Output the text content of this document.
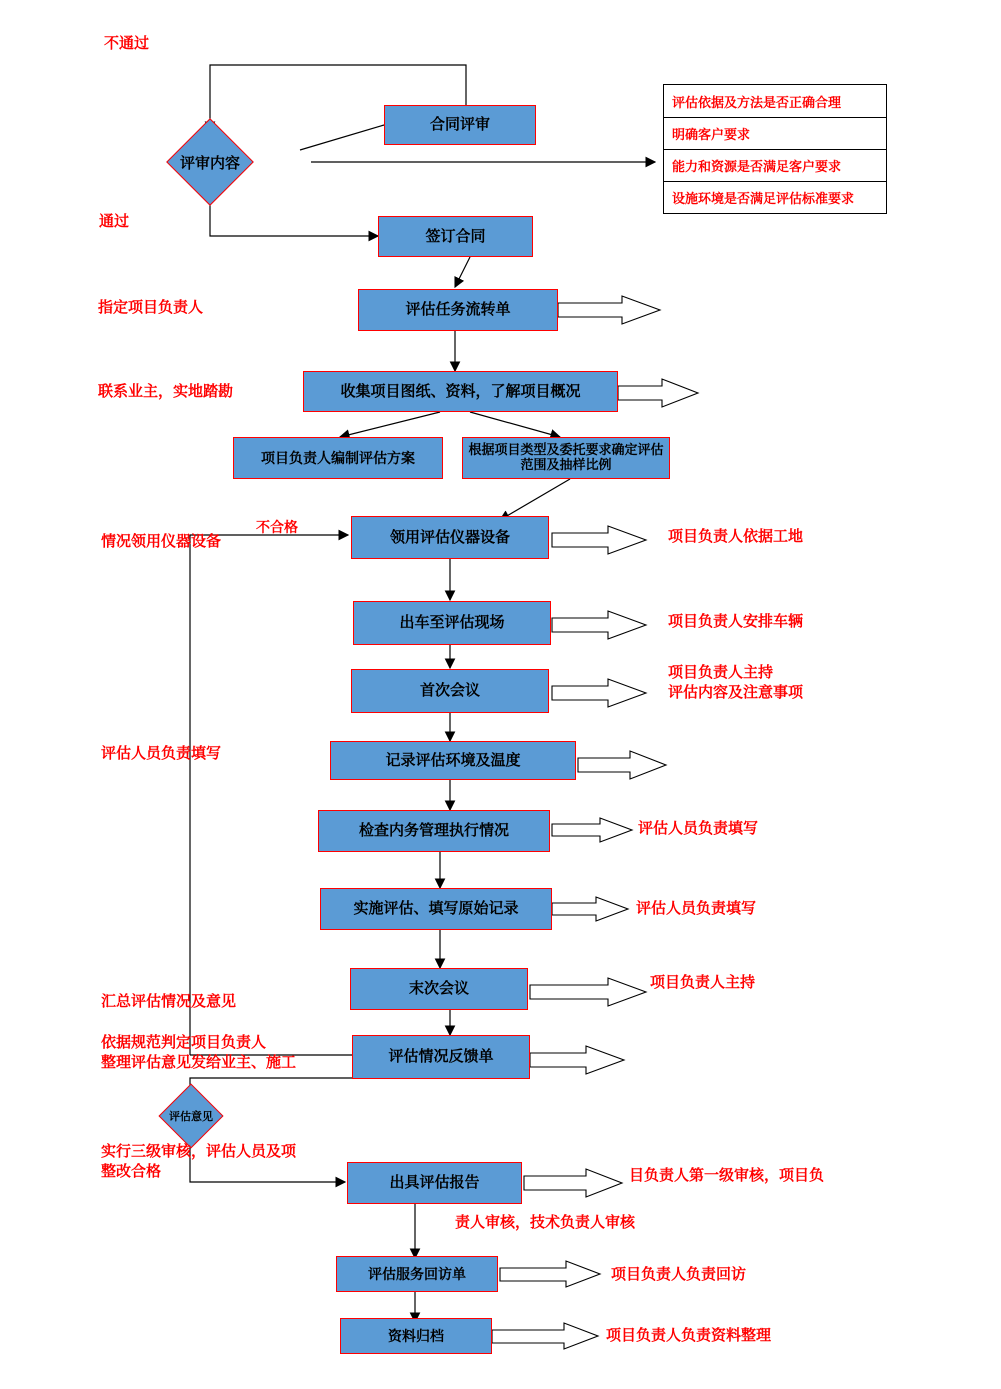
合同评审
签订合同
评估任务流转单
收集项目图纸、资料，了解项目概况
项目负责人编制评估方案
根据项目类型及委托要求确定评估范围及抽样比例
领用评估仪器设备
出车至评估现场
首次会议
记录评估环境及温度
检查内务管理执行情况
实施评估、填写原始记录
末次会议
评估情况反馈单
出具评估报告
评估服务回访单
资料归档
评审内容
评估意见
评估依据及方法是否正确合理
明确客户要求
能力和资源是否满足客户要求
设施环境是否满足评估标准要求
不通过
通过
指定项目负责人
联系业主，实地踏勘
不合格
情况领用仪器设备	项目负责人依据工地
项目负责人安排车辆
项目负责人主持
评估内容及注意事项
评估人员负责填写
评估人员负责填写
评估人员负责填写
项目负责人主持
汇总评估情况及意见
依据规范判定项目负责人
整理评估意见发给业主、施工
实行三级审核，评估人员及项
整改合格	目负责人第一级审核，项目负
责人审核，技术负责人审核
项目负责人负责回访
项目负责人负责资料整理
